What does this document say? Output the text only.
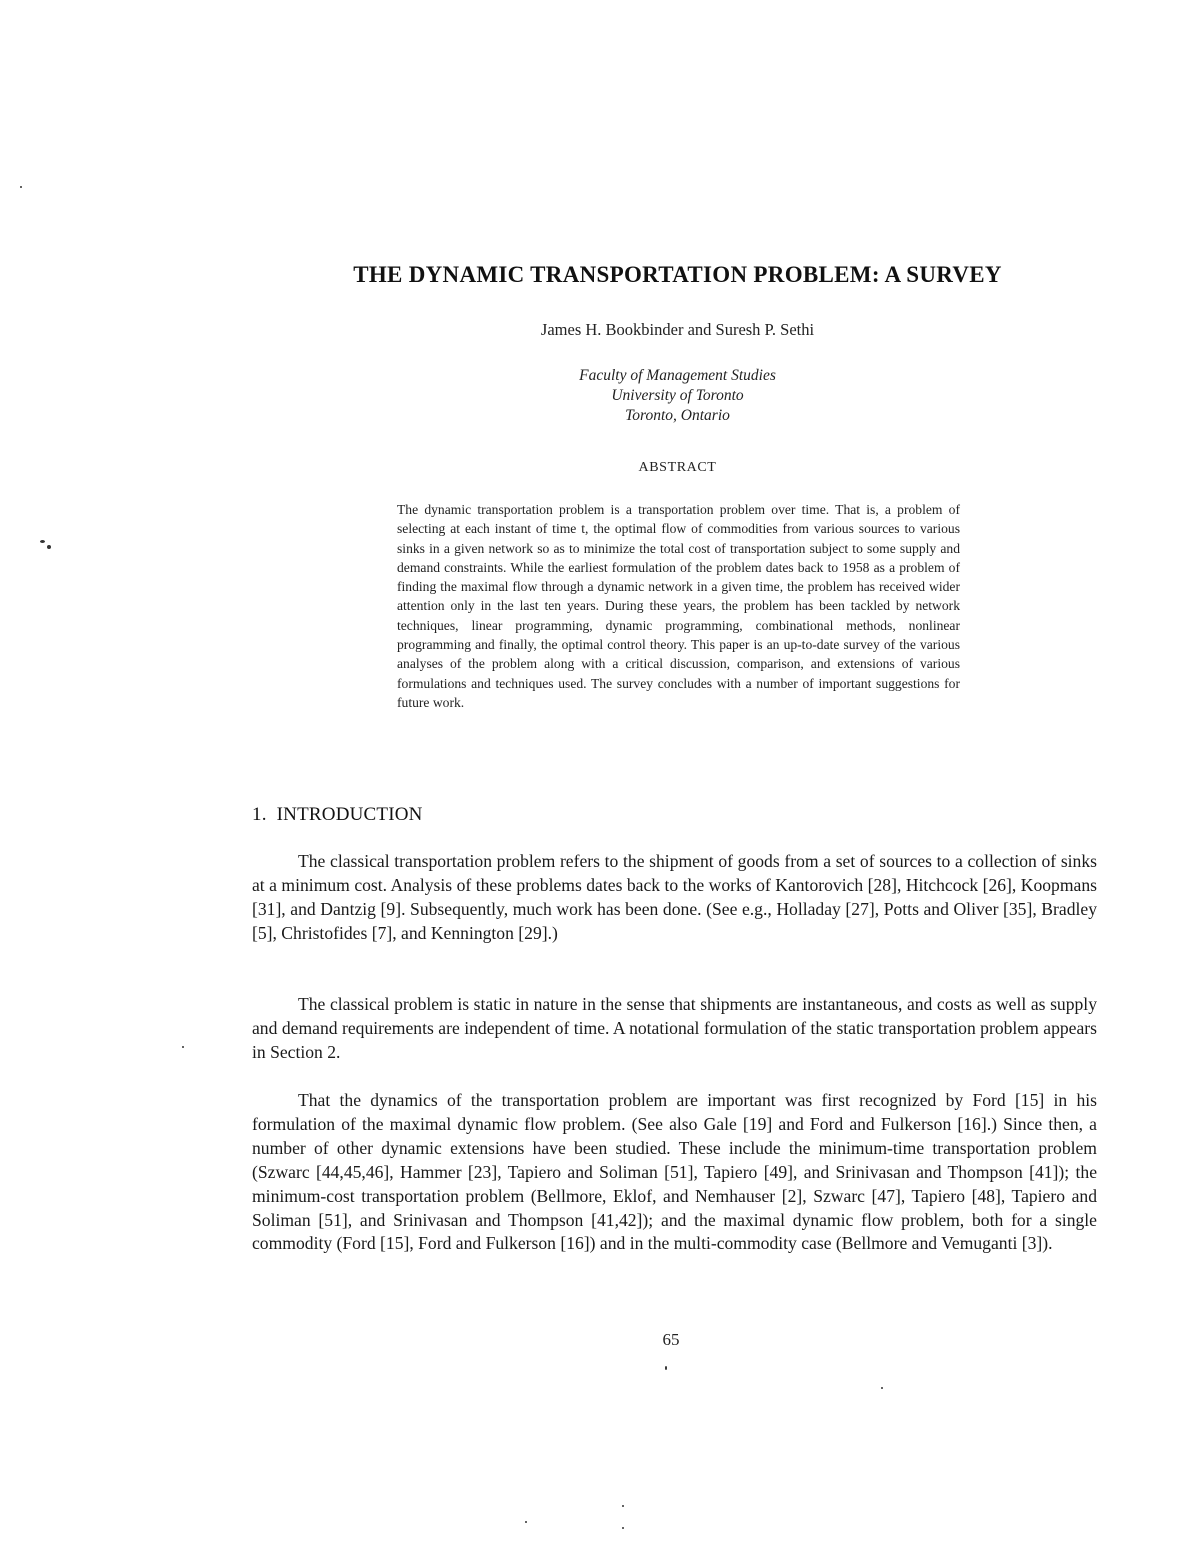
THE DYNAMIC TRANSPORTATION PROBLEM: A SURVEY
James H. Bookbinder and Suresh P. Sethi
Faculty of Management Studies
University of Toronto
Toronto, Ontario
ABSTRACT
The dynamic transportation problem is a transportation problem over time. That is, a problem of selecting at each instant of time t, the optimal flow of commodities from various sources to various sinks in a given network so as to minimize the total cost of transportation subject to some supply and demand constraints. While the earliest formulation of the problem dates back to 1958 as a problem of finding the maximal flow through a dynamic network in a given time, the problem has received wider attention only in the last ten years. During these years, the problem has been tackled by network techniques, linear programming, dynamic programming, combinational methods, nonlinear programming and finally, the optimal control theory. This paper is an up-to-date survey of the various analyses of the problem along with a critical discussion, comparison, and extensions of various formulations and techniques used. The survey concludes with a number of important suggestions for future work.
1. INTRODUCTION
The classical transportation problem refers to the shipment of goods from a set of sources to a collection of sinks at a minimum cost. Analysis of these problems dates back to the works of Kantorovich [28], Hitchcock [26], Koopmans [31], and Dantzig [9]. Subsequently, much work has been done. (See e.g., Holladay [27], Potts and Oliver [35], Bradley [5], Christofides [7], and Kennington [29].)
The classical problem is static in nature in the sense that shipments are instantaneous, and costs as well as supply and demand requirements are independent of time. A notational formulation of the static transportation problem appears in Section 2.
That the dynamics of the transportation problem are important was first recognized by Ford [15] in his formulation of the maximal dynamic flow problem. (See also Gale [19] and Ford and Fulkerson [16].) Since then, a number of other dynamic extensions have been studied. These include the minimum-time transportation problem (Szwarc [44,45,46], Hammer [23], Tapiero and Soliman [51], Tapiero [49], and Srinivasan and Thompson [41]); the minimum-cost transportation problem (Bellmore, Eklof, and Nemhauser [2], Szwarc [47], Tapiero [48], Tapiero and Soliman [51], and Srinivasan and Thompson [41,42]); and the maximal dynamic flow problem, both for a single commodity (Ford [15], Ford and Fulkerson [16]) and in the multi-commodity case (Bellmore and Vemuganti [3]).
65
